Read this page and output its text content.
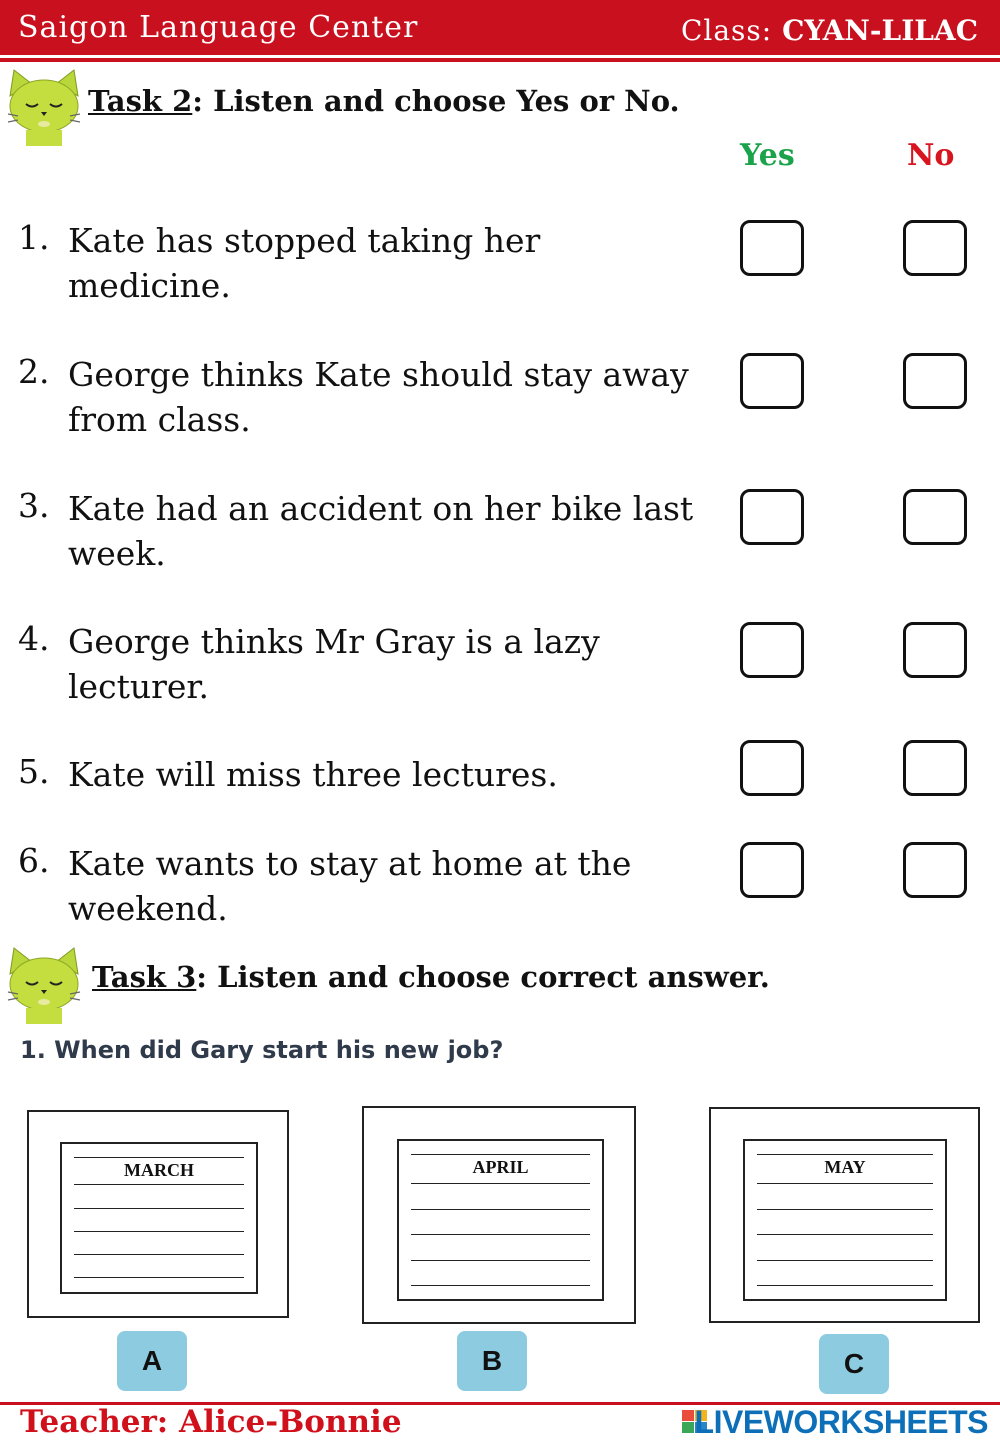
Saigon Language Center	Class: CYAN-LILAC
Task 2: Listen and choose Yes or No.
Yes	No
1. Kate has stopped taking her medicine.
2. George thinks Kate should stay away from class.
3. Kate had an accident on her bike last week.
4. George thinks Mr Gray is a lazy lecturer.
5. Kate will miss three lectures.
6. Kate wants to stay at home at the weekend.
Task 3: Listen and choose correct answer.
1. When did Gary start his new job?
MARCH	APRIL	MAY
A	B	C
Teacher: Alice-Bonnie	LIVEWORKSHEETS
